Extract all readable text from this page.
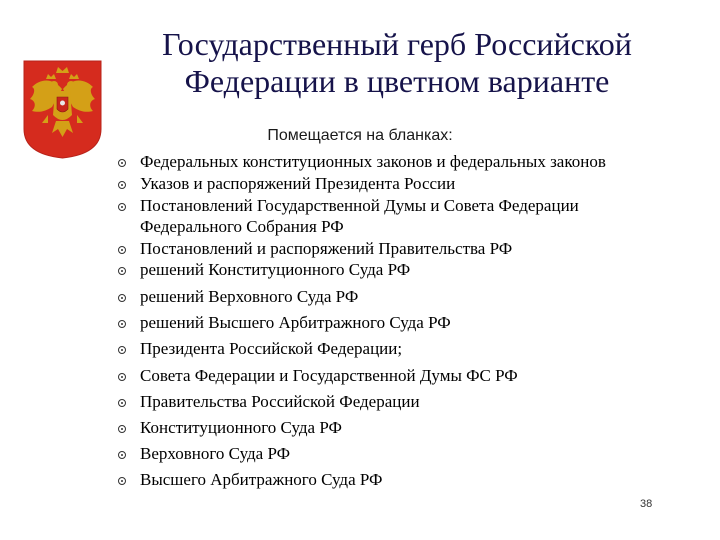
Государственный герб Российской
Федерации в цветном варианте

Помещается на бланках:

Федеральных конституционных законов и федеральных законов
Указов и распоряжений Президента России
Постановлений Государственной Думы и Совета Федерации
Федерального Собрания РФ
Постановлений и распоряжений Правительства РФ
решений Конституционного Суда РФ
решений Верховного Суда РФ
решений Высшего Арбитражного Суда РФ
Президента Российской Федерации;
Совета Федерации и Государственной Думы ФС РФ
Правительства Российской Федерации
Конституционного Суда РФ
Верховного Суда РФ
Высшего Арбитражного Суда РФ
38
